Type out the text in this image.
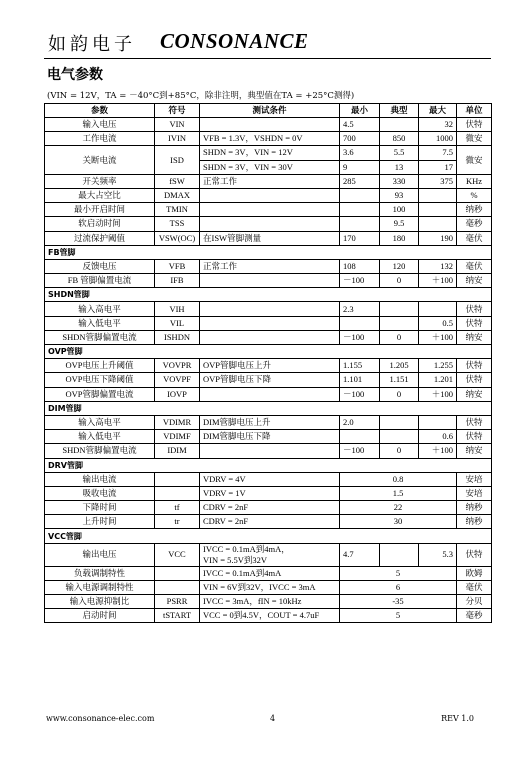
如韵电子 CONSONANCE
电气参数
(VIN = 12V，TA = －40°C到+85°C，除非注明，典型值在TA = +25°C测得)
参数	符号	测试条件	最小	典型	最大	单位
输入电压	VIN		4.5		32	伏特
工作电流	IVIN	VFB = 1.3V，VSHDN = 0V	700	850	1000	微安
关断电流	ISD	SHDN = 3V，VIN = 12V	3.6	5.5	7.5	微安
		SHDN = 3V，VIN = 30V	9	13	17	
开关频率	fSW	正常工作	285	330	375	KHz
最大占空比	DMAX			93		%
最小开启时间	TMIN			100		纳秒
软启动时间	TSS			9.5		毫秒
过流保护阈值	VSW(OC)	在ISW管脚测量	170	180	190	毫伏
FB管脚						
反馈电压	VFB	正常工作	108	120	132	毫伏
FB 管脚偏置电流	IFB		－100	0	＋100	纳安
SHDN管脚						
输入高电平	VIH		2.3			伏特
输入低电平	VIL				0.5	伏特
SHDN管脚偏置电流	ISHDN		－100	0	＋100	纳安
OVP管脚						
OVP电压上升阈值	VOVPR	OVP管脚电压上升	1.155	1.205	1.255	伏特
OVP电压下降阈值	VOVPF	OVP管脚电压下降	1.101	1.151	1.201	伏特
OVP管脚偏置电流	IOVP		－100	0	＋100	纳安
DIM管脚						
输入高电平	VDIMR	DIM管脚电压上升	2.0			伏特
输入低电平	VDIMF	DIM管脚电压下降			0.6	伏特
SHDN管脚偏置电流	IDIM		－100	0	＋100	纳安
DRV管脚						
输出电流		VDRV = 4V	0.8			安培
吸收电流		VDRV = 1V	1.5			安培
下降时间	tf	CDRV = 2nF	22			纳秒
上升时间	tr	CDRV = 2nF	30			纳秒
VCC管脚						
输出电压	VCC	IVCC = 0.1mA到4mA，
VIN = 5.5V到32V	4.7		5.3	伏特
负载调制特性		IVCC = 0.1mA到4mA	5			欧姆
输入电源调制特性		VIN = 6V到32V，IVCC = 3mA	6			毫伏
输入电源抑制比	PSRR	IVCC = 3mA，fIN = 10kHz	-35			分贝
启动时间	tSTART	VCC = 0到4.5V，COUT = 4.7uF	5			毫秒
www.consonance-elec.com	4	REV 1.0
